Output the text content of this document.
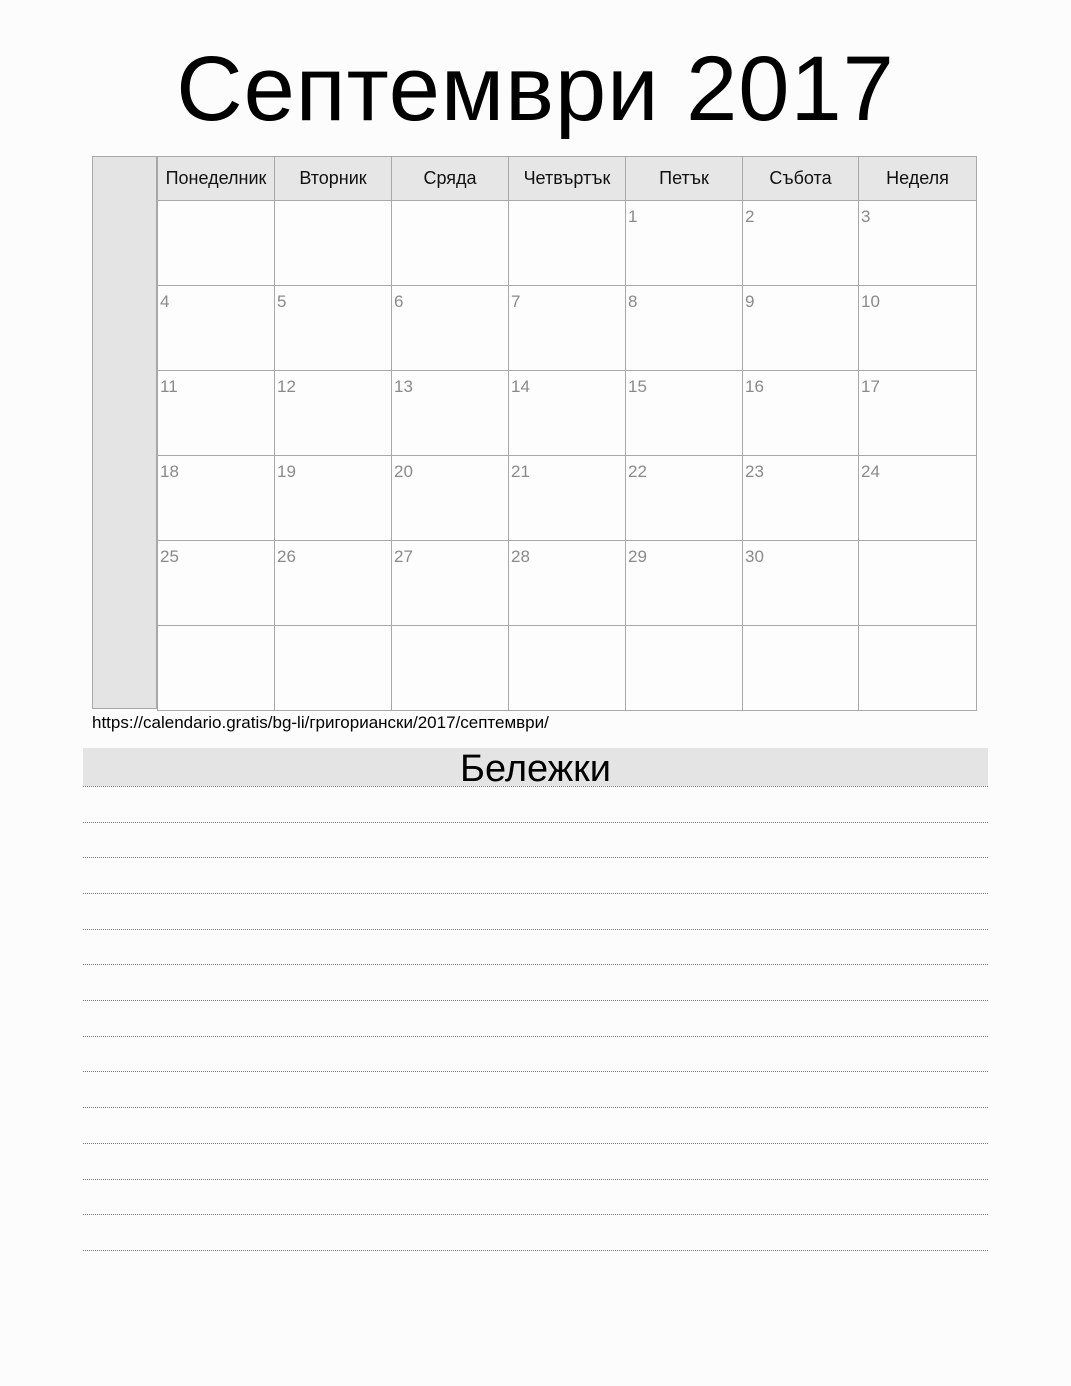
Септември 2017
Понеделник	Вторник	Сряда	Четвъртък	Петък	Събота	Неделя

				1	2	3

4	5	6	7	8	9	10

11	12	13	14	15	16	17

18	19	20	21	22	23	24

25	26	27	28	29	30	

https://calendario.gratis/bg-li/григориански/2017/септември/
Бележки
